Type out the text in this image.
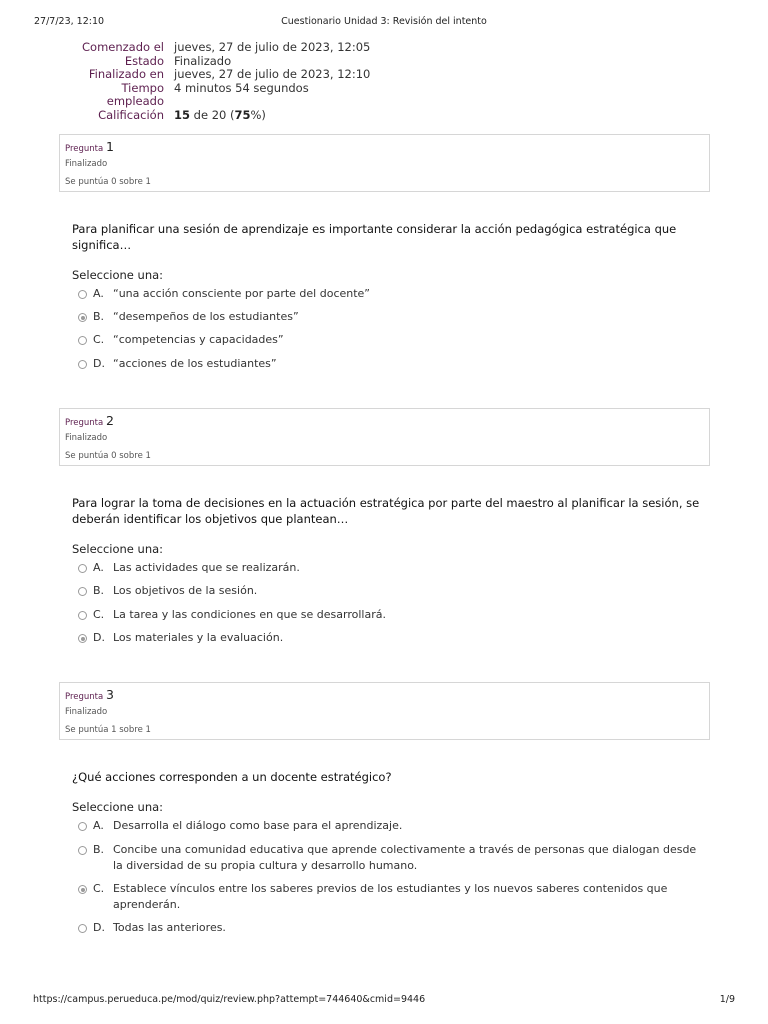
27/7/23, 12:10	Cuestionario Unidad 3: Revisión del intento
Comenzado el jueves, 27 de julio de 2023, 12:05
Estado Finalizado
Finalizado en jueves, 27 de julio de 2023, 12:10
Tiempo
empleado
4 minutos 54 segundos
Calificación 15 de 20 (75%)
Pregunta 1
Finalizado
Se puntúa 0 sobre 1
Para planificar una sesión de aprendizaje es importante considerar la acción pedagógica estratégica que significa…
Seleccione una:
A. “una acción consciente por parte del docente”
B. “desempeños de los estudiantes”
C. “competencias y capacidades”
D. “acciones de los estudiantes”
Pregunta 2
Finalizado
Se puntúa 0 sobre 1
Para lograr la toma de decisiones en la actuación estratégica por parte del maestro al planificar la sesión, se deberán identificar los objetivos que plantean…
Seleccione una:
A. Las actividades que se realizarán.
B. Los objetivos de la sesión.
C. La tarea y las condiciones en que se desarrollará.
D. Los materiales y la evaluación.
Pregunta 3
Finalizado
Se puntúa 1 sobre 1
¿Qué acciones corresponden a un docente estratégico?
Seleccione una:
A. Desarrolla el diálogo como base para el aprendizaje.
B. Concibe una comunidad educativa que aprende colectivamente a través de personas que dialogan desde la diversidad de su propia cultura y desarrollo humano.
C. Establece vínculos entre los saberes previos de los estudiantes y los nuevos saberes contenidos que aprenderán.
D. Todas las anteriores.
https://campus.perueduca.pe/mod/quiz/review.php?attempt=744640&cmid=9446	1/9
